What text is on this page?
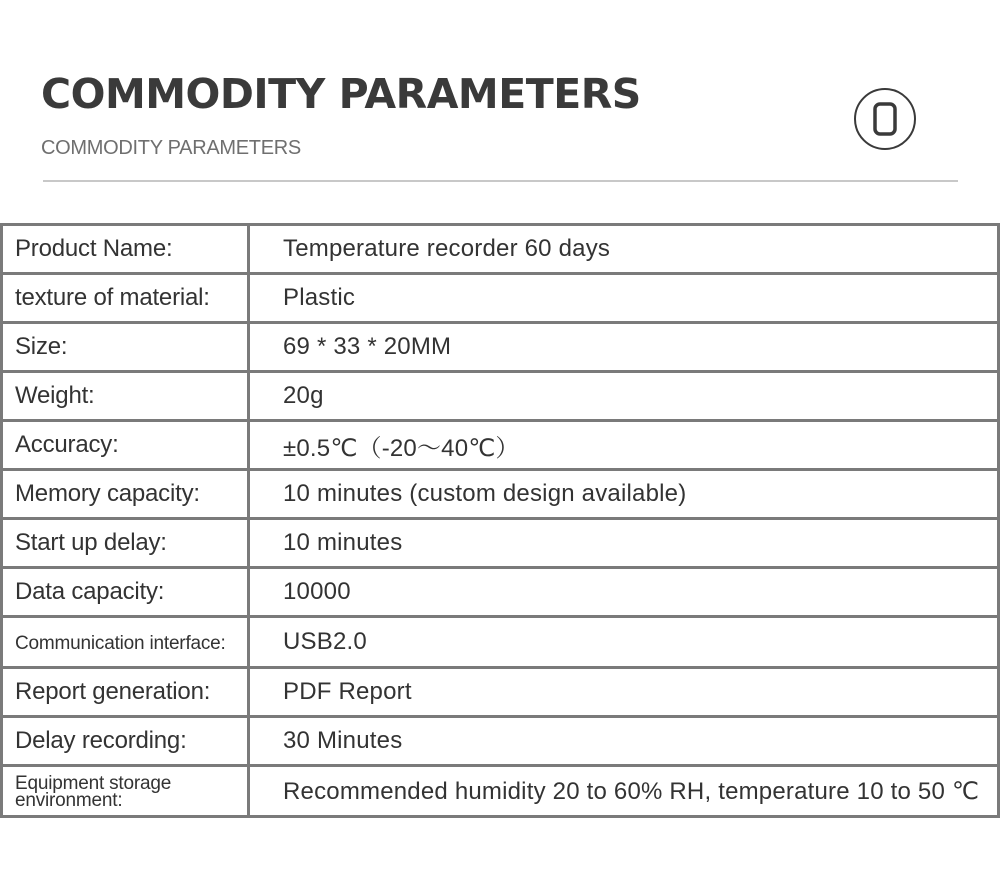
COMMODITY PARAMETERS
COMMODITY PARAMETERS
Product Name:	Temperature recorder 60 days
texture of material:	Plastic
Size:	69 * 33 * 20MM
Weight:	20g
Accuracy:	±0.5℃（-20～40℃）
Memory capacity:	10 minutes (custom design available)
Start up delay:	10 minutes
Data capacity:	10000
Communication interface:	USB2.0
Report generation:	PDF Report
Delay recording:	30 Minutes
Equipment storage environment:	Recommended humidity 20 to 60% RH, temperature 10 to 50 ℃
